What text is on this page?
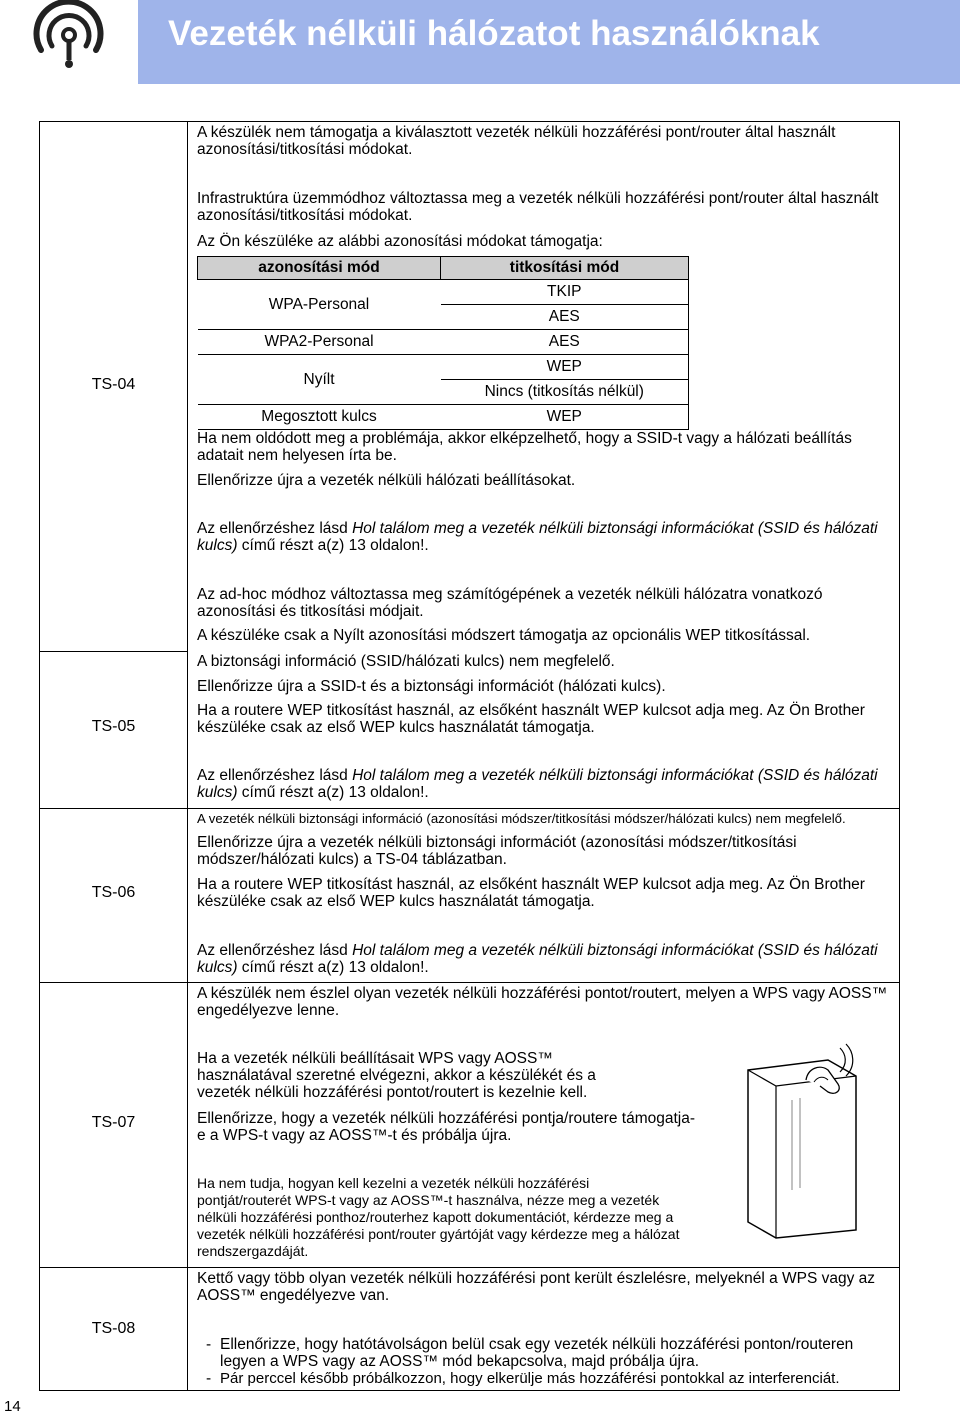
Vezeték nélküli hálózatot használóknak
TS-04

A készülék nem támogatja a kiválasztott vezeték nélküli hozzáférési pont/router által használt azonosítási/titkosítási módokat.

Infrastruktúra üzemmódhoz változtassa meg a vezeték nélküli hozzáférési pont/router által használt azonosítási/titkosítási módokat.

Az Ön készüléke az alábbi azonosítási módokat támogatja:

azonosítási mód	titkosítási mód
WPA-Personal	TKIP
	AES
WPA2-Personal	AES
Nyílt	WEP
	Nincs (titkosítás nélkül)
Megosztott kulcs	WEP

Ha nem oldódott meg a problémája, akkor elképzelhető, hogy a SSID-t vagy a hálózati beállítás adatait nem helyesen írta be.

Ellenőrizze újra a vezeték nélküli hálózati beállításokat.

Az ellenőrzéshez lásd Hol találom meg a vezeték nélküli biztonsági információkat (SSID és hálózati kulcs) című részt a(z) 13 oldalon!.

Az ad-hoc módhoz változtassa meg számítógépének a vezeték nélküli hálózatra vonatkozó azonosítási és titkosítási módjait.

A készüléke csak a Nyílt azonosítási módszert támogatja az opcionális WEP titkosítással.

TS-05

A biztonsági információ (SSID/hálózati kulcs) nem megfelelő.

Ellenőrizze újra a SSID-t és a biztonsági információt (hálózati kulcs).

Ha a routere WEP titkosítást használ, az elsőként használt WEP kulcsot adja meg. Az Ön Brother készüléke csak az első WEP kulcs használatát támogatja.

Az ellenőrzéshez lásd Hol találom meg a vezeték nélküli biztonsági információkat (SSID és hálózati kulcs) című részt a(z) 13 oldalon!.

TS-06

A vezeték nélküli biztonsági információ (azonosítási módszer/titkosítási módszer/hálózati kulcs) nem megfelelő.

Ellenőrizze újra a vezeték nélküli biztonsági információt (azonosítási módszer/titkosítási módszer/hálózati kulcs) a TS-04 táblázatban.

Ha a routere WEP titkosítást használ, az elsőként használt WEP kulcsot adja meg. Az Ön Brother készüléke csak az első WEP kulcs használatát támogatja.

Az ellenőrzéshez lásd Hol találom meg a vezeték nélküli biztonsági információkat (SSID és hálózati kulcs) című részt a(z) 13 oldalon!.

TS-07

A készülék nem észlel olyan vezeték nélküli hozzáférési pontot/routert, melyen a WPS vagy AOSS™ engedélyezve lenne.

Ha a vezeték nélküli beállításait WPS vagy AOSS™ használatával szeretné elvégezni, akkor a készülékét és a vezeték nélküli hozzáférési pontot/routert is kezelnie kell.

Ellenőrizze, hogy a vezeték nélküli hozzáférési pontja/routere támogatja-e a WPS-t vagy az AOSS™-t és próbálja újra.

Ha nem tudja, hogyan kell kezelni a vezeték nélküli hozzáférési pontját/routerét WPS-t vagy az AOSS™-t használva, nézze meg a vezeték nélküli hozzáférési ponthoz/routerhez kapott dokumentációt, kérdezze meg a vezeték nélküli hozzáférési pont/router gyártóját vagy kérdezze meg a hálózat rendszergazdáját.

TS-08

Kettő vagy több olyan vezeték nélküli hozzáférési pont került észlelésre, melyeknél a WPS vagy az AOSS™ engedélyezve van.

- Ellenőrizze, hogy hatótávolságon belül csak egy vezeték nélküli hozzáférési ponton/routeren legyen a WPS vagy az AOSS™ mód bekapcsolva, majd próbálja újra.

- Pár perccel később próbálkozzon, hogy elkerülje más hozzáférési pontokkal az interferenciát.

14
